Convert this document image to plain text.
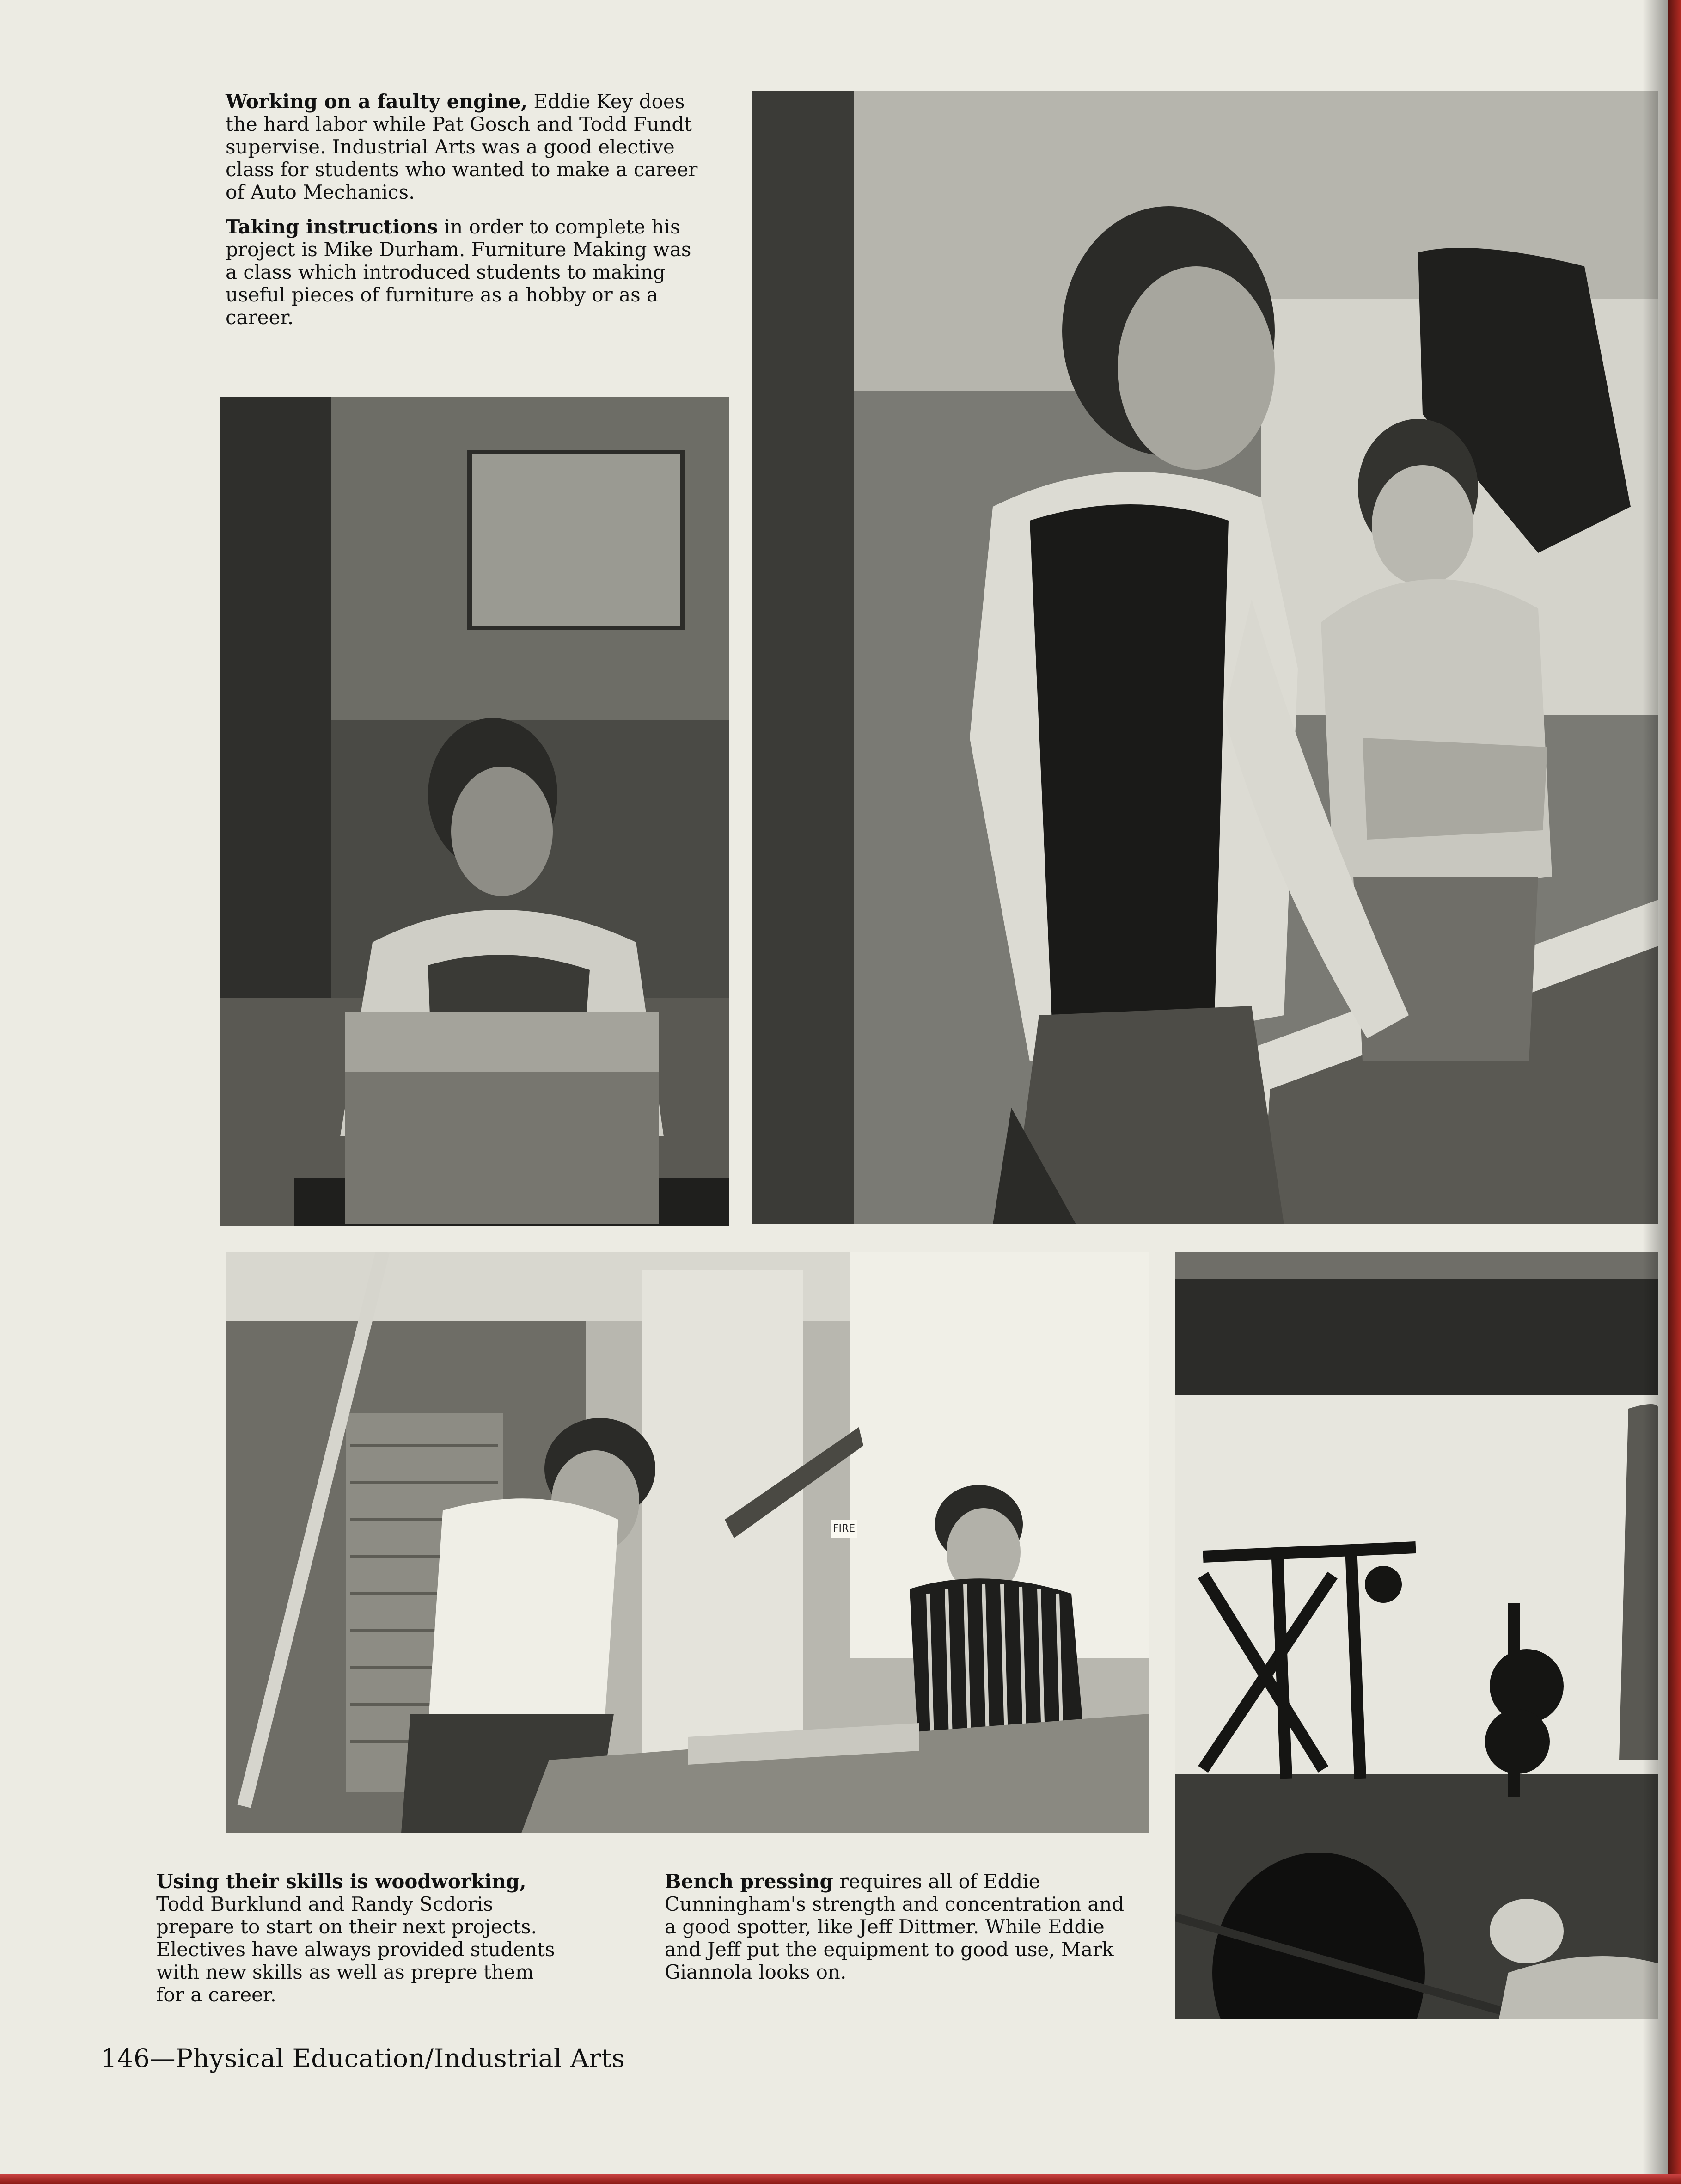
Working on a faulty engine, Eddie Key does the hard labor while Pat Gosch and Todd Fundt supervise. Industrial Arts was a good elective class for students who wanted to make a career of Auto Mechanics.

Taking instructions in order to complete his project is Mike Durham. Furniture Making was a class which introduced students to making useful pieces of furniture as a hobby or as a career.

FIRE

Using their skills is woodworking, Todd Burklund and Randy Scdoris prepare to start on their next projects. Electives have always provided students with new skills as well as prepre them for a career.

Bench pressing requires all of Eddie Cunningham's strength and concentration and a good spotter, like Jeff Dittmer. While Eddie and Jeff put the equipment to good use, Mark Giannola looks on.

146—Physical Education/Industrial Arts
